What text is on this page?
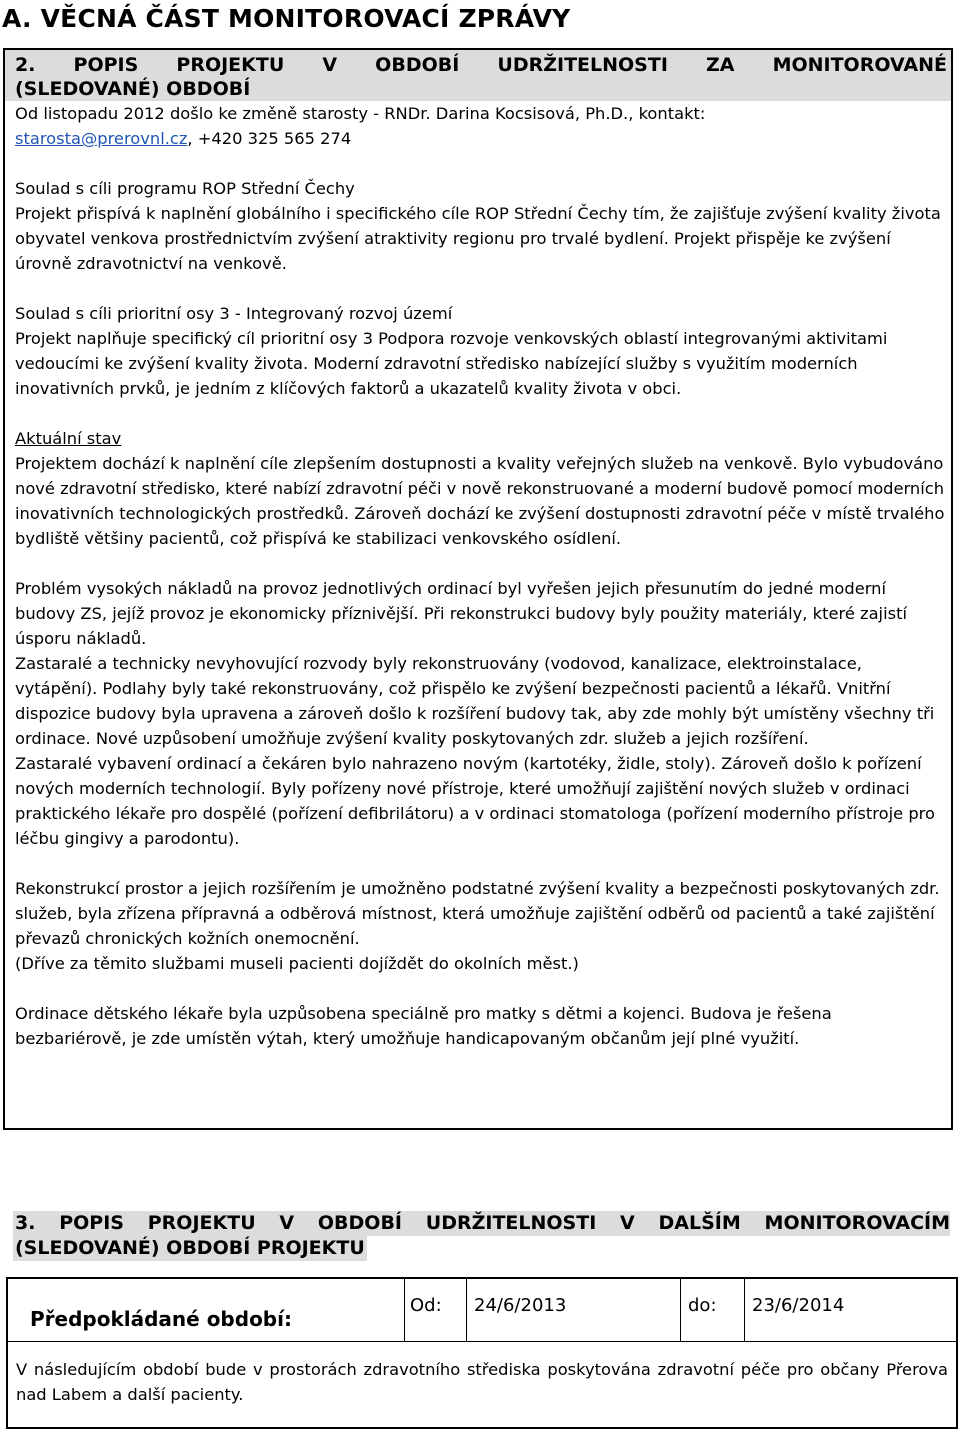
A. VĚCNÁ ČÁST MONITOROVACÍ ZPRÁVY
2. POPIS PROJEKTU V OBDOBÍ UDRŽITELNOSTI ZA MONITOROVANÉ
(SLEDOVANÉ) OBDOBÍ

Od listopadu 2012 došlo ke změně starosty - RNDr. Darina Kocsisová, Ph.D., kontakt:
starosta@prerovnl.cz, +420 325 565 274

Soulad s cíli programu ROP Střední Čechy

Projekt přispívá k naplnění globálního i specifického cíle ROP Střední Čechy tím, že zajišťuje zvýšení kvality života obyvatel venkova prostřednictvím zvýšení atraktivity regionu pro trvalé bydlení. Projekt přispěje ke zvýšení úrovně zdravotnictví na venkově.

Soulad s cíli prioritní osy 3 - Integrovaný rozvoj území

Projekt naplňuje specifický cíl prioritní osy 3 Podpora rozvoje venkovských oblastí integrovanými aktivitami vedoucími ke zvýšení kvality života. Moderní zdravotní středisko nabízející služby s využitím moderních inovativních prvků, je jedním z klíčových faktorů a ukazatelů kvality života v obci.

Aktuální stav

Projektem dochází k naplnění cíle zlepšením dostupnosti a kvality veřejných služeb na venkově. Bylo vybudováno nové zdravotní středisko, které nabízí zdravotní péči v nově rekonstruované a moderní budově pomocí moderních inovativních technologických prostředků. Zároveň dochází ke zvýšení dostupnosti zdravotní péče v místě trvalého bydliště většiny pacientů, což přispívá ke stabilizaci venkovského osídlení.

Problém vysokých nákladů na provoz jednotlivých ordinací byl vyřešen jejich přesunutím do jedné moderní budovy ZS, jejíž provoz je ekonomicky příznivější. Při rekonstrukci budovy byly použity materiály, které zajistí úsporu nákladů.

Zastaralé a technicky nevyhovující rozvody byly rekonstruovány (vodovod, kanalizace, elektroinstalace, vytápění). Podlahy byly také rekonstruovány, což přispělo ke zvýšení bezpečnosti pacientů a lékařů. Vnitřní dispozice budovy byla upravena a zároveň došlo k rozšíření budovy tak, aby zde mohly být umístěny všechny tři ordinace. Nové uzpůsobení umožňuje zvýšení kvality poskytovaných zdr. služeb a jejich rozšíření.

Zastaralé vybavení ordinací a čekáren bylo nahrazeno novým (kartotéky, židle, stoly). Zároveň došlo k pořízení nových moderních technologií. Byly pořízeny nové přístroje, které umožňují zajištění nových služeb v ordinaci praktického lékaře pro dospělé (pořízení defibrilátoru) a v ordinaci stomatologa (pořízení moderního přístroje pro léčbu gingivy a parodontu).

Rekonstrukcí prostor a jejich rozšířením je umožněno podstatné zvýšení kvality a bezpečnosti poskytovaných zdr. služeb, byla zřízena přípravná a odběrová místnost, která umožňuje zajištění odběrů od pacientů a také zajištění převazů chronických kožních onemocnění.

(Dříve za těmito službami museli pacienti dojíždět do okolních měst.)

Ordinace dětského lékaře byla uzpůsobena speciálně pro matky s dětmi a kojenci. Budova je řešena bezbariérově, je zde umístěn výtah, který umožňuje handicapovaným občanům její plné využití.

3. POPIS PROJEKTU V OBDOBÍ UDRŽITELNOSTI V DALŠÍM MONITOROVACÍM
(SLEDOVANÉ) OBDOBÍ PROJEKTU
Předpokládané období:
Od: 24/6/2013	do: 23/6/2014

V následujícím období bude v prostorách zdravotního střediska poskytována zdravotní péče pro občany Přerova nad Labem a další pacienty.
